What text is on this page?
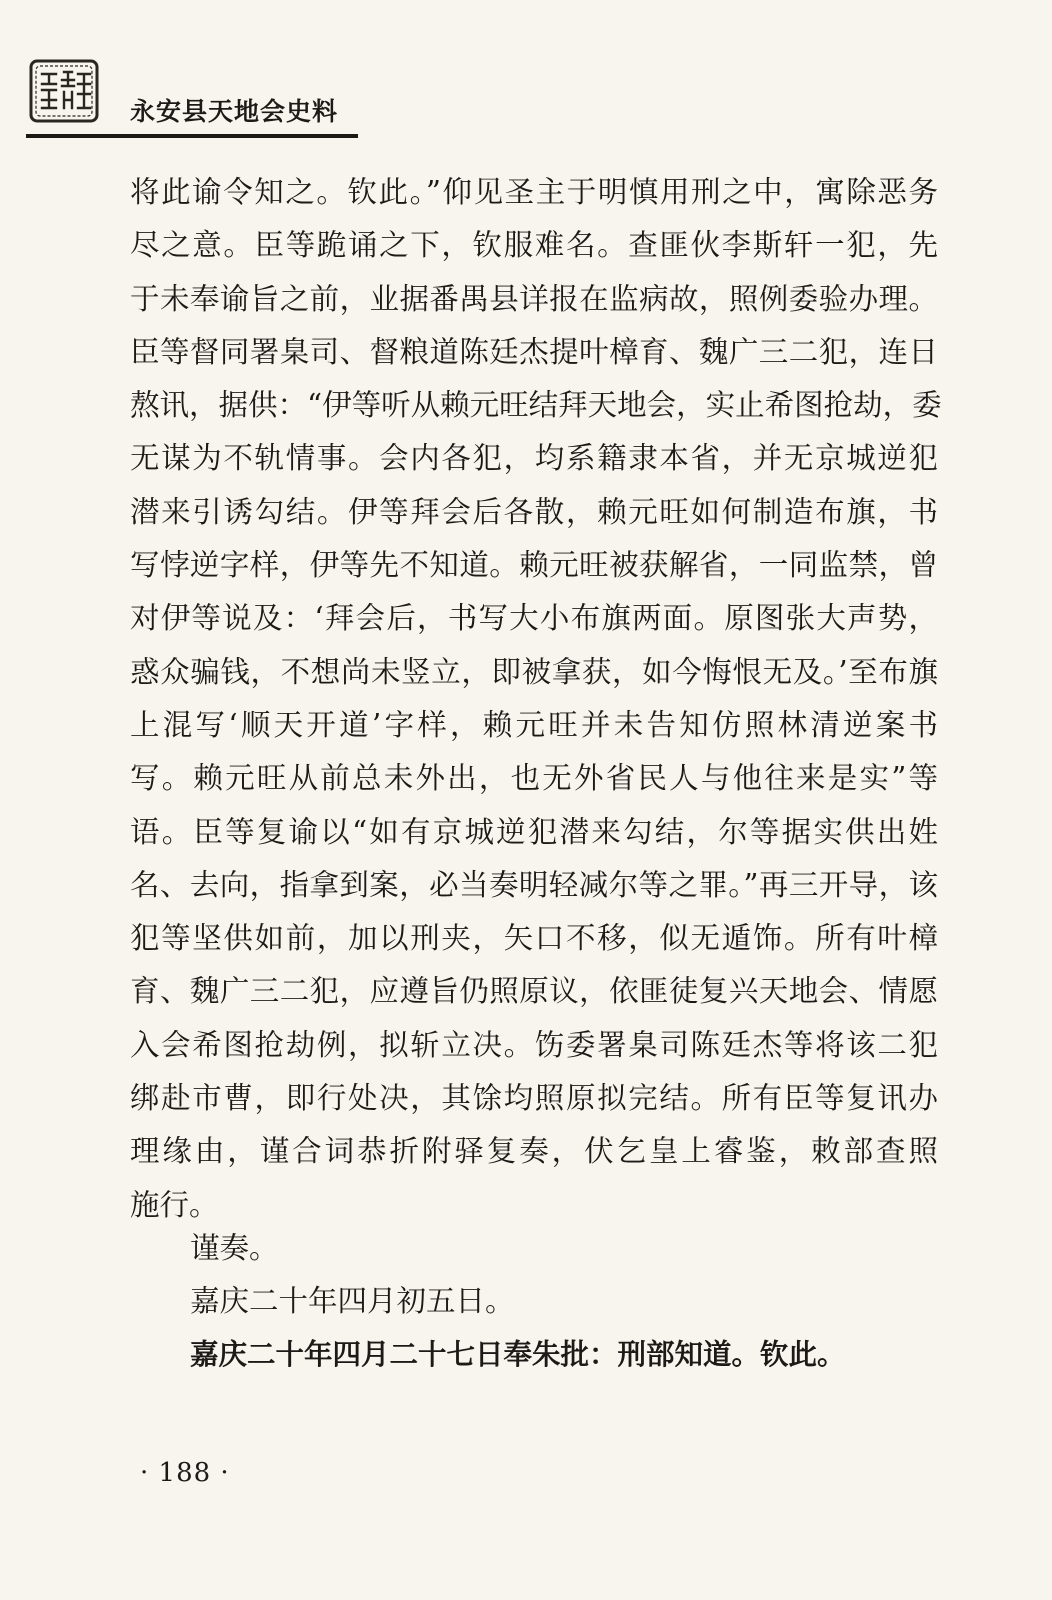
永安县天地会史料
将此谕令知之。钦此。”仰见圣主于明慎用刑之中，寓除恶务
尽之意。臣等跪诵之下，钦服难名。查匪伙李斯轩一犯，先
于未奉谕旨之前，业据番禺县详报在监病故，照例委验办理。
臣等督同署臬司、督粮道陈廷杰提叶樟育、魏广三二犯，连日
熬讯，据供：“伊等听从赖元旺结拜天地会，实止希图抢劫，委
无谋为不轨情事。会内各犯，均系籍隶本省，并无京城逆犯
潜来引诱勾结。伊等拜会后各散，赖元旺如何制造布旗，书
写悖逆字样，伊等先不知道。赖元旺被获解省，一同监禁，曾
对伊等说及：‘拜会后，书写大小布旗两面。原图张大声势，
惑众骗钱，不想尚未竖立，即被拿获，如今悔恨无及。’至布旗
上混写‘顺天开道’字样，赖元旺并未告知仿照林清逆案书
写。赖元旺从前总未外出，也无外省民人与他往来是实”等
语。臣等复谕以“如有京城逆犯潜来勾结，尔等据实供出姓
名、去向，指拿到案，必当奏明轻减尔等之罪。”再三开导，该
犯等坚供如前，加以刑夹，矢口不移，似无遁饰。所有叶樟
育、魏广三二犯，应遵旨仍照原议，依匪徒复兴天地会、情愿
入会希图抢劫例，拟斩立决。饬委署臬司陈廷杰等将该二犯
绑赴市曹，即行处决，其馀均照原拟完结。所有臣等复讯办
理缘由，谨合词恭折附驿复奏，伏乞皇上睿鉴，敕部查照
施行。
谨奏。
嘉庆二十年四月初五日。
嘉庆二十年四月二十七日奉朱批：刑部知道。钦此。
· 188 ·
